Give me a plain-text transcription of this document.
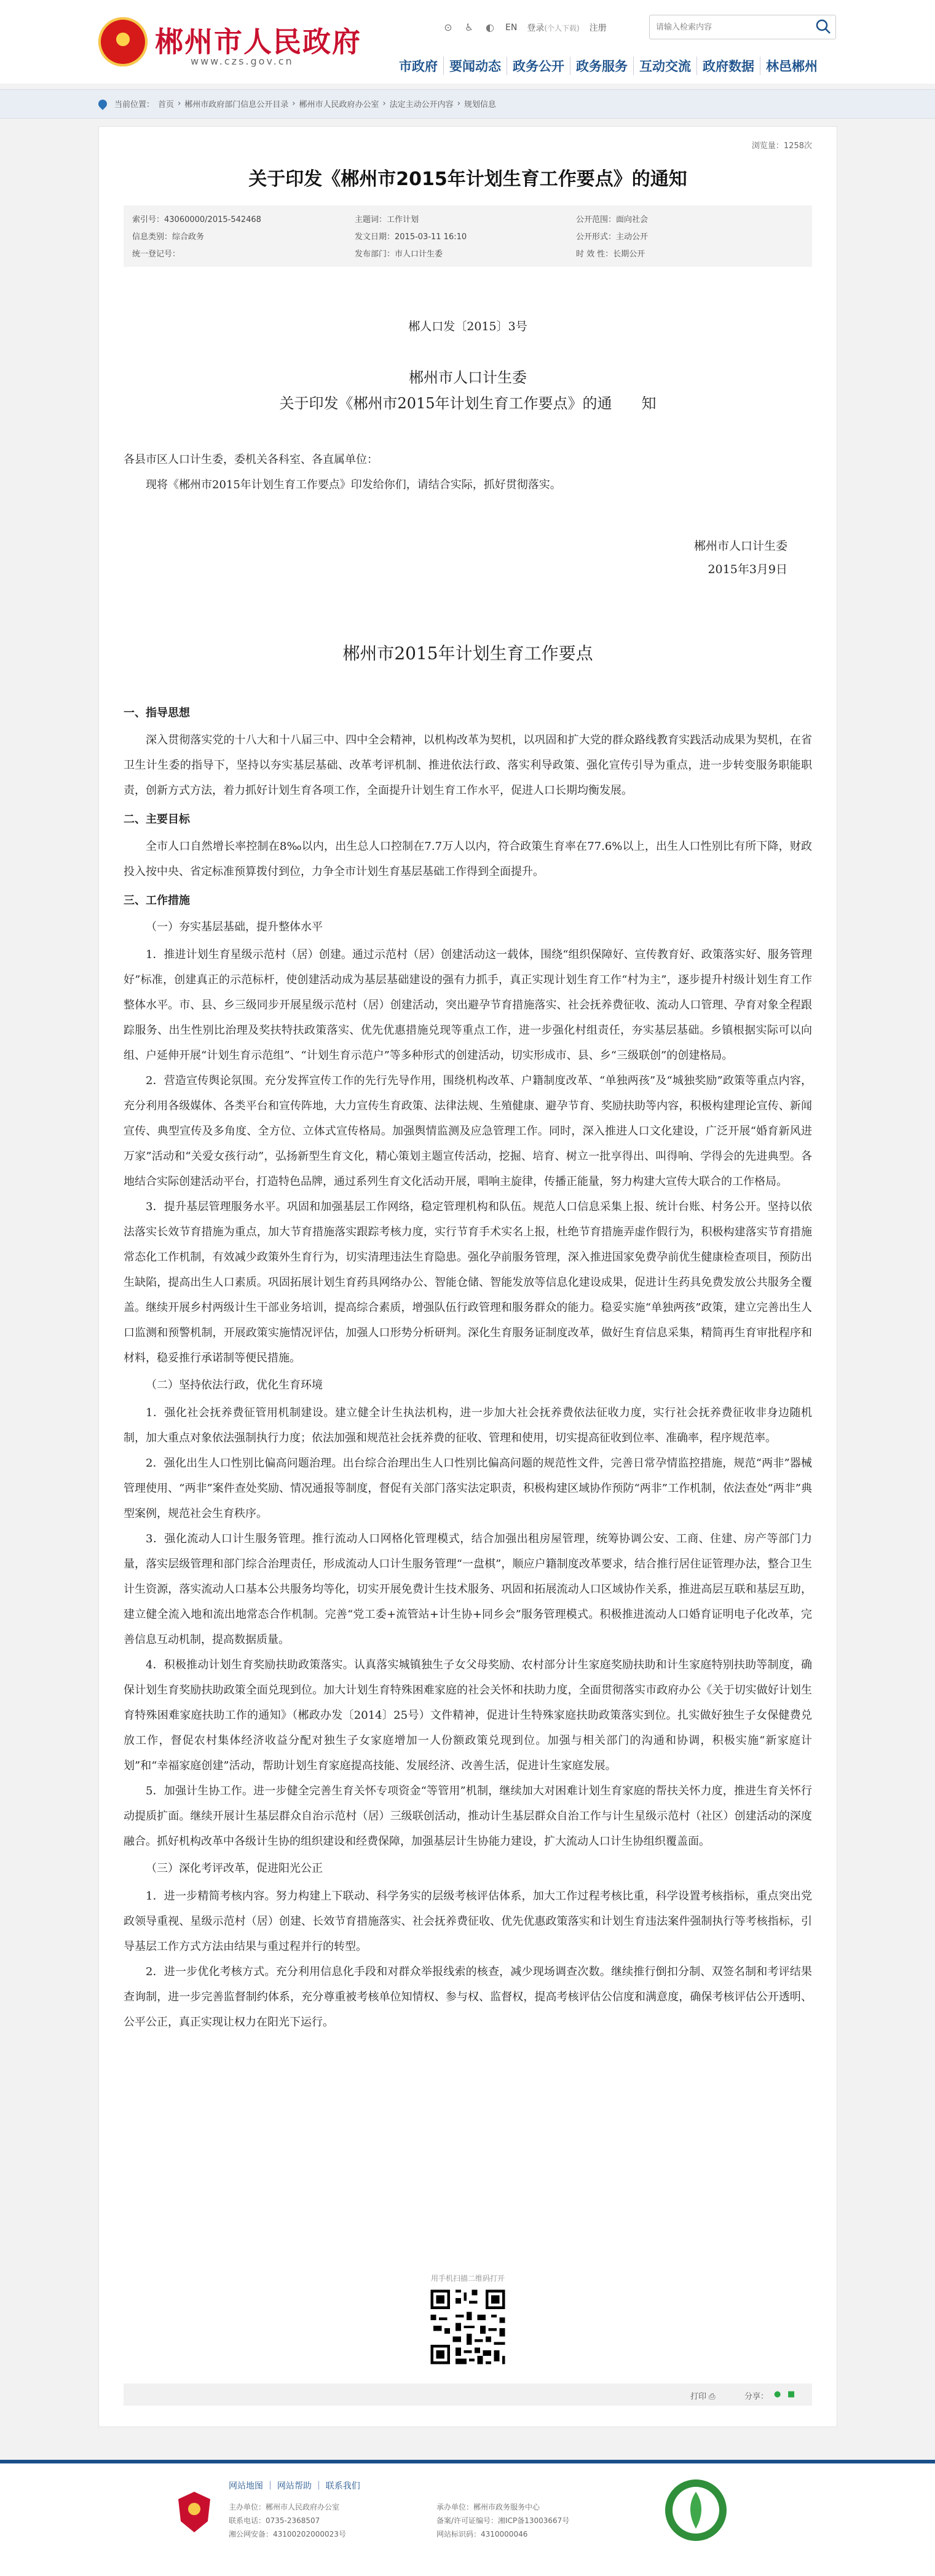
郴州市人民政府
www.czs.gov.cn
⊙ ♿ ◐ EN 登录(个人下载) 注册
请输入检索内容
市政府 要闻动态 政务公开 政务服务 互动交流 政府数据 林邑郴州
当前位置： 首页 › 郴州市政府部门信息公开目录 › 郴州市人民政府办公室 › 法定主动公开内容 › 规划信息
浏览量：1258次
关于印发《郴州市2015年计划生育工作要点》的通知
索引号：43060000/2015-542468
信息类别：综合政务
统一登记号：
主题词：工作计划
发文日期：2015-03-11 16:10
发布部门：市人口计生委
公开范围：面向社会
公开形式：主动公开
时 效 性：长期公开
郴人口发〔2015〕3号
郴州市人口计生委
关于印发《郴州市2015年计划生育工作要点》的通　　知

各县市区人口计生委，委机关各科室、各直属单位：

现将《郴州市2015年计划生育工作要点》印发给你们，请结合实际，抓好贯彻落实。

郴州市人口计生委
2015年3月9日
郴州市2015年计划生育工作要点
一、指导思想

深入贯彻落实党的十八大和十八届三中、四中全会精神，以机构改革为契机，以巩固和扩大党的群众路线教育实践活动成果为契机，在省卫生计生委的指导下，坚持以夯实基层基础、改革考评机制、推进依法行政、落实利导政策、强化宣传引导为重点，进一步转变服务职能职责，创新方式方法，着力抓好计划生育各项工作，全面提升计划生育工作水平，促进人口长期均衡发展。

二、主要目标

全市人口自然增长率控制在8‰以内，出生总人口控制在7.7万人以内，符合政策生育率在77.6%以上，出生人口性别比有所下降，财政投入按中央、省定标准预算拨付到位，力争全市计划生育基层基础工作得到全面提升。

三、工作措施
（一）夯实基层基础，提升整体水平

1．推进计划生育星级示范村（居）创建。通过示范村（居）创建活动这一载体，围绕“组织保障好、宣传教育好、政策落实好、服务管理好”标准，创建真正的示范标杆，使创建活动成为基层基础建设的强有力抓手，真正实现计划生育工作“村为主”，逐步提升村级计划生育工作整体水平。市、县、乡三级同步开展星级示范村（居）创建活动，突出避孕节育措施落实、社会抚养费征收、流动人口管理、孕育对象全程跟踪服务、出生性别比治理及奖扶特扶政策落实、优先优惠措施兑现等重点工作，进一步强化村组责任，夯实基层基础。乡镇根据实际可以向组、户延伸开展“计划生育示范组”、“计划生育示范户”等多种形式的创建活动，切实形成市、县、乡“三级联创”的创建格局。

2．营造宣传舆论氛围。充分发挥宣传工作的先行先导作用，围绕机构改革、户籍制度改革、“单独两孩”及“城独奖励”政策等重点内容，充分利用各级媒体、各类平台和宣传阵地，大力宣传生育政策、法律法规、生殖健康、避孕节育、奖励扶助等内容，积极构建理论宣传、新闻宣传、典型宣传及多角度、全方位、立体式宣传格局。加强舆情监测及应急管理工作。同时，深入推进人口文化建设，广泛开展“婚育新风进万家”活动和“关爱女孩行动”，弘扬新型生育文化，精心策划主题宣传活动，挖掘、培育、树立一批享得出、叫得响、学得会的先进典型。各地结合实际创建活动平台，打造特色品牌，通过系列生育文化活动开展，唱响主旋律，传播正能量，努力构建大宣传大联合的工作格局。

3．提升基层管理服务水平。巩固和加强基层工作网络，稳定管理机构和队伍。规范人口信息采集上报、统计台账、村务公开。坚持以依法落实长效节育措施为重点，加大节育措施落实跟踪考核力度，实行节育手术实名上报，杜绝节育措施弄虚作假行为，积极构建落实节育措施常态化工作机制，有效减少政策外生育行为，切实清理违法生育隐患。强化孕前服务管理，深入推进国家免费孕前优生健康检查项目，预防出生缺陷，提高出生人口素质。巩固拓展计划生育药具网络办公、智能仓储、智能发放等信息化建设成果，促进计生药具免费发放公共服务全覆盖。继续开展乡村两级计生干部业务培训，提高综合素质，增强队伍行政管理和服务群众的能力。稳妥实施“单独两孩”政策，建立完善出生人口监测和预警机制，开展政策实施情况评估，加强人口形势分析研判。深化生育服务证制度改革，做好生育信息采集，精简再生育审批程序和材料，稳妥推行承诺制等便民措施。

（二）坚持依法行政，优化生育环境

1．强化社会抚养费征管用机制建设。建立健全计生执法机构，进一步加大社会抚养费依法征收力度，实行社会抚养费征收非身边随机制，加大重点对象依法强制执行力度；依法加强和规范社会抚养费的征收、管理和使用，切实提高征收到位率、准确率，程序规范率。

2．强化出生人口性别比偏高问题治理。出台综合治理出生人口性别比偏高问题的规范性文件，完善日常孕情监控措施，规范“两非”器械管理使用、“两非”案件查处奖励、情况通报等制度，督促有关部门落实法定职责，积极构建区域协作预防“两非”工作机制，依法查处“两非”典型案例，规范社会生育秩序。

3．强化流动人口计生服务管理。推行流动人口网格化管理模式，结合加强出租房屋管理，统筹协调公安、工商、住建、房产等部门力量，落实层级管理和部门综合治理责任，形成流动人口计生服务管理“一盘棋”，顺应户籍制度改革要求，结合推行居住证管理办法，整合卫生计生资源，落实流动人口基本公共服务均等化，切实开展免费计生技术服务、巩固和拓展流动人口区域协作关系，推进高层互联和基层互助，建立健全流入地和流出地常态合作机制。完善“党工委+流管站+计生协+同乡会”服务管理模式。积极推进流动人口婚育证明电子化改革，完善信息互动机制，提高数据质量。

4．积极推动计划生育奖励扶助政策落实。认真落实城镇独生子女父母奖励、农村部分计生家庭奖励扶助和计生家庭特别扶助等制度，确保计划生育奖励扶助政策全面兑现到位。加大计划生育特殊困难家庭的社会关怀和扶助力度，全面贯彻落实市政府办公《关于切实做好计划生育特殊困难家庭扶助工作的通知》（郴政办发〔2014〕25号）文件精神，促进计生特殊家庭扶助政策落实到位。扎实做好独生子女保健费兑放工作，督促农村集体经济收益分配对独生子女家庭增加一人份额政策兑现到位。加强与相关部门的沟通和协调，积极实施“新家庭计划”和“幸福家庭创建”活动，帮助计划生育家庭提高技能、发展经济、改善生活，促进计生家庭发展。

5．加强计生协工作。进一步健全完善生育关怀专项资金“等管用”机制，继续加大对困难计划生育家庭的帮扶关怀力度，推进生育关怀行动提质扩面。继续开展计生基层群众自治示范村（居）三级联创活动，推动计生基层群众自治工作与计生星级示范村（社区）创建活动的深度融合。抓好机构改革中各级计生协的组织建设和经费保障，加强基层计生协能力建设，扩大流动人口计生协组织覆盖面。

（三）深化考评改革，促进阳光公正

1．进一步精简考核内容。努力构建上下联动、科学务实的层级考核评估体系，加大工作过程考核比重，科学设置考核指标，重点突出党政领导重视、星级示范村（居）创建、长效节育措施落实、社会抚养费征收、优先优惠政策落实和计划生育违法案件强制执行等考核指标，引导基层工作方式方法由结果与重过程并行的转型。

2．进一步优化考核方式。充分利用信息化手段和对群众举报线索的核查，减少现场调查次数。继续推行倒扣分制、双签名制和考评结果查询制，进一步完善监督制约体系，充分尊重被考核单位知情权、参与权、监督权，提高考核评估公信度和满意度，确保考核评估公开透明、公平公正，真正实现让权力在阳光下运行。

用手机扫描二维码打开
打印 ⎙	分享： ● ■
网站地图 ｜ 网站帮助 ｜ 联系我们
主办单位：郴州市人民政府办公室
联系电话：0735-2368507
湘公网安备：43100202000023号
承办单位：郴州市政务服务中心
备案/许可证编号：湘ICP备13003667号
网站标识码：4310000046
